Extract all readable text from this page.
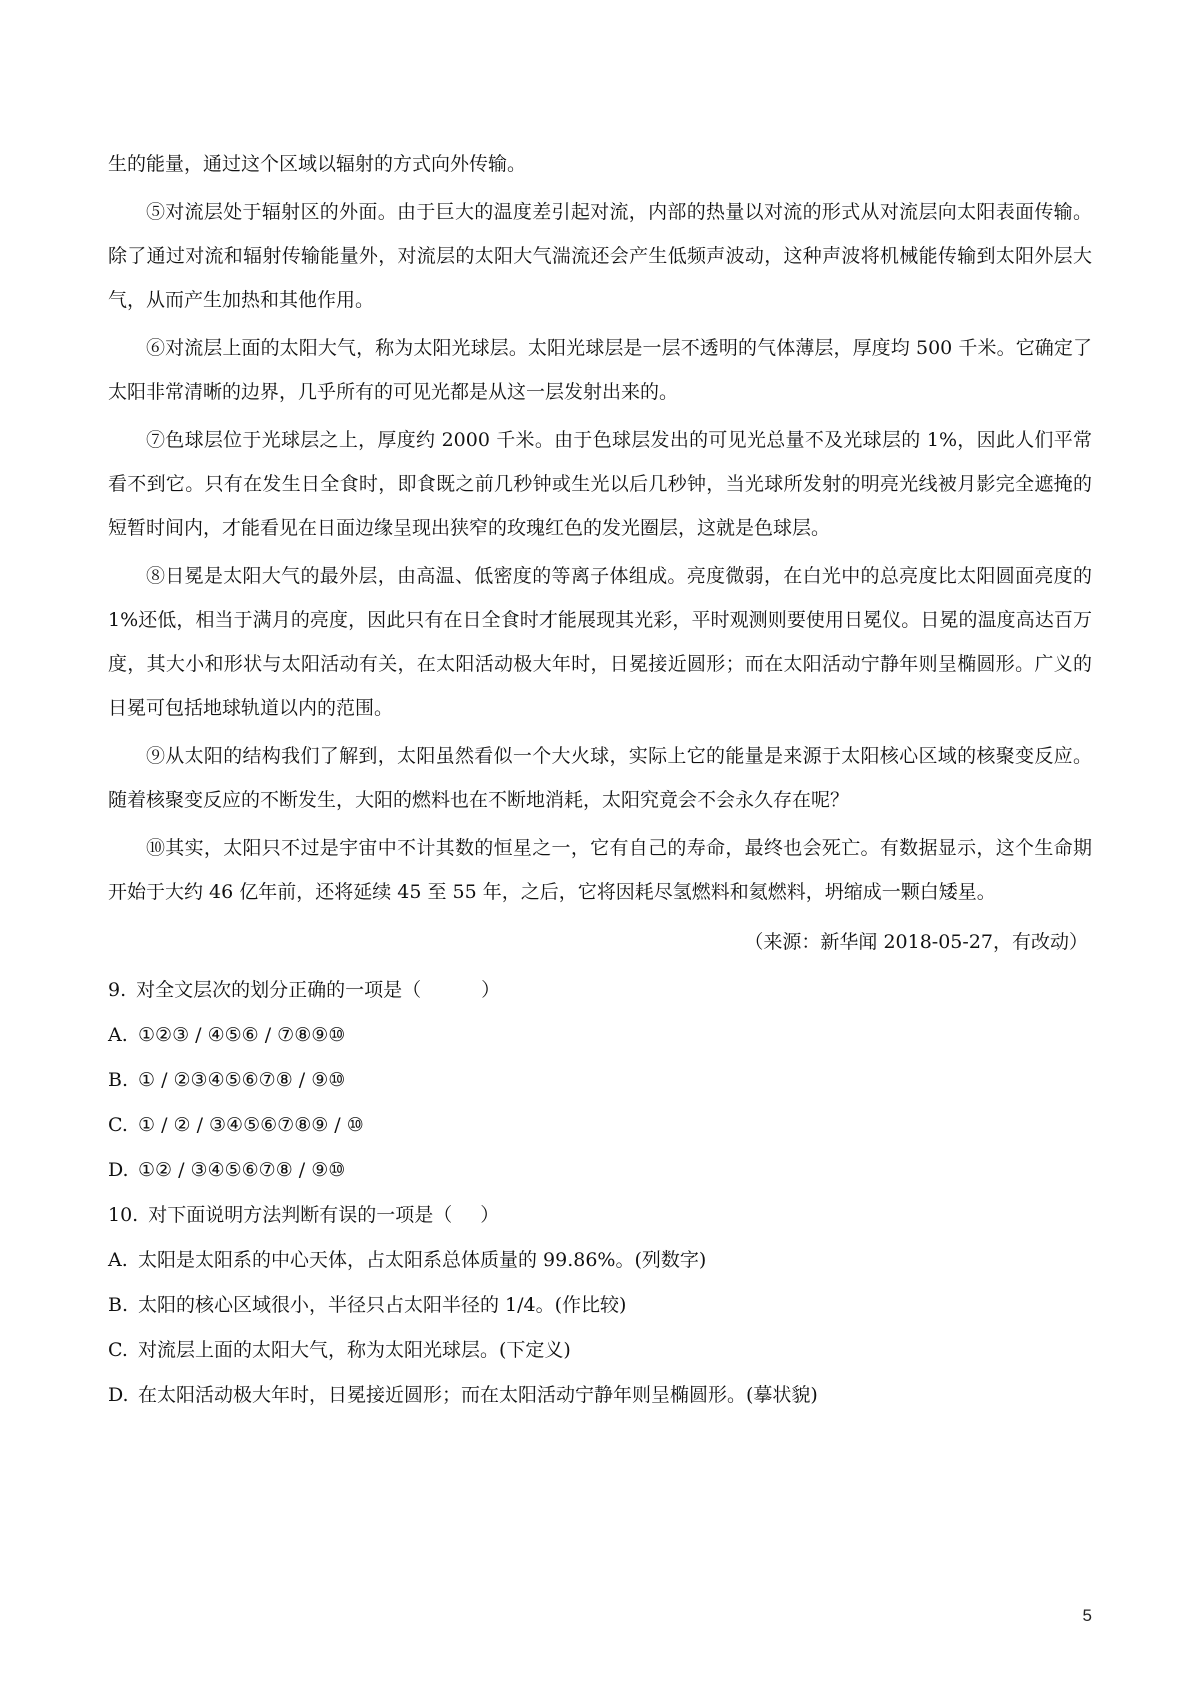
生的能量，通过这个区域以辐射的方式向外传输。

⑤对流层处于辐射区的外面。由于巨大的温度差引起对流，内部的热量以对流的形式从对流层向太阳表面传输。除了通过对流和辐射传输能量外，对流层的太阳大气湍流还会产生低频声波动，这种声波将机械能传输到太阳外层大气，从而产生加热和其他作用。

⑥对流层上面的太阳大气，称为太阳光球层。太阳光球层是一层不透明的气体薄层，厚度均 500 千米。它确定了太阳非常清晰的边界，几乎所有的可见光都是从这一层发射出来的。

⑦色球层位于光球层之上，厚度约 2000 千米。由于色球层发出的可见光总量不及光球层的 1%，因此人们平常看不到它。只有在发生日全食时，即食既之前几秒钟或生光以后几秒钟，当光球所发射的明亮光线被月影完全遮掩的短暂时间内，才能看见在日面边缘呈现出狭窄的玫瑰红色的发光圈层，这就是色球层。

⑧日冕是太阳大气的最外层，由高温、低密度的等离子体组成。亮度微弱，在白光中的总亮度比太阳圆面亮度的 1%还低，相当于满月的亮度，因此只有在日全食时才能展现其光彩，平时观测则要使用日冕仪。日冕的温度高达百万度，其大小和形状与太阳活动有关，在太阳活动极大年时，日冕接近圆形；而在太阳活动宁静年则呈椭圆形。广义的日冕可包括地球轨道以内的范围。

⑨从太阳的结构我们了解到，太阳虽然看似一个大火球，实际上它的能量是来源于太阳核心区域的核聚变反应。随着核聚变反应的不断发生，大阳的燃料也在不断地消耗，太阳究竟会不会永久存在呢？

⑩其实，太阳只不过是宇宙中不计其数的恒星之一，它有自己的寿命，最终也会死亡。有数据显示，这个生命期开始于大约 46 亿年前，还将延续 45 至 55 年，之后，它将因耗尽氢燃料和氦燃料，坍缩成一颗白矮星。

（来源：新华闻 2018-05-27，有改动）

9. 对全文层次的划分正确的一项是（	）

A. ①②③ / ④⑤⑥ / ⑦⑧⑨⑩

B. ① / ②③④⑤⑥⑦⑧ / ⑨⑩

C. ① / ② / ③④⑤⑥⑦⑧⑨ / ⑩

D. ①② / ③④⑤⑥⑦⑧ / ⑨⑩

10. 对下面说明方法判断有误的一项是（ ）

A. 太阳是太阳系的中心天体，占太阳系总体质量的 99.86%。(列数字)

B. 太阳的核心区域很小，半径只占太阳半径的 1/4。(作比较)

C. 对流层上面的太阳大气，称为太阳光球层。(下定义)

D. 在太阳活动极大年时，日冕接近圆形；而在太阳活动宁静年则呈椭圆形。(摹状貌)

5
